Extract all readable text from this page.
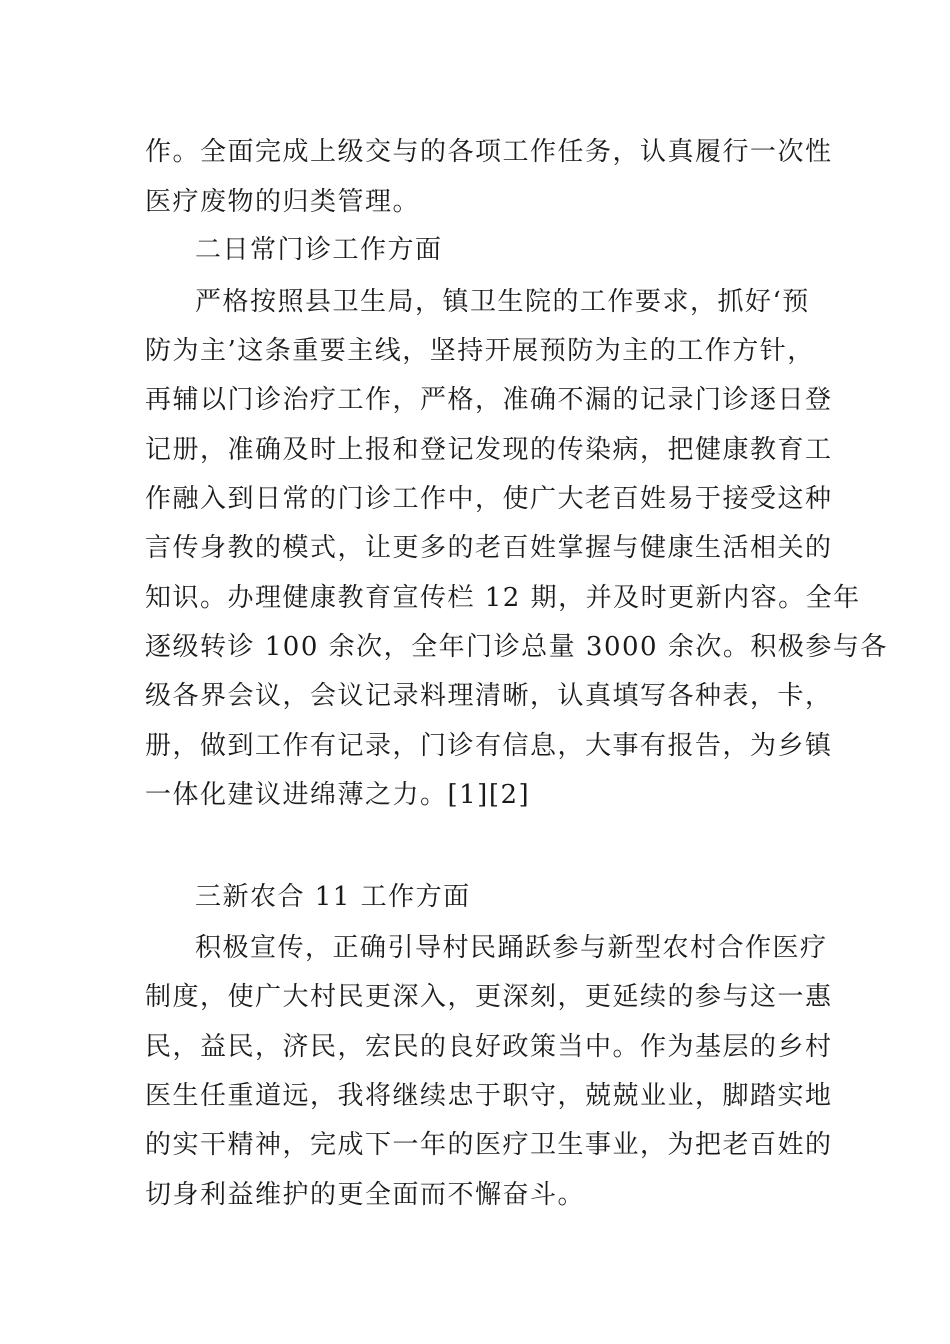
作。全面完成上级交与的各项工作任务，认真履行一次性
医疗废物的归类管理。
二日常门诊工作方面
严格按照县卫生局，镇卫生院的工作要求，抓好‘预
防为主’这条重要主线，坚持开展预防为主的工作方针，
再辅以门诊治疗工作，严格，准确不漏的记录门诊逐日登
记册，准确及时上报和登记发现的传染病，把健康教育工
作融入到日常的门诊工作中，使广大老百姓易于接受这种
言传身教的模式，让更多的老百姓掌握与健康生活相关的
知识。办理健康教育宣传栏 12 期，并及时更新内容。全年
逐级转诊 100 余次，全年门诊总量 3000 余次。积极参与各
级各界会议，会议记录料理清晰，认真填写各种表，卡，
册，做到工作有记录，门诊有信息，大事有报告，为乡镇
一体化建议进绵薄之力。[1][2]
三新农合 11 工作方面
积极宣传，正确引导村民踊跃参与新型农村合作医疗
制度，使广大村民更深入，更深刻，更延续的参与这一惠
民，益民，济民，宏民的良好政策当中。作为基层的乡村
医生任重道远，我将继续忠于职守，兢兢业业，脚踏实地
的实干精神，完成下一年的医疗卫生事业，为把老百姓的
切身利益维护的更全面而不懈奋斗。
